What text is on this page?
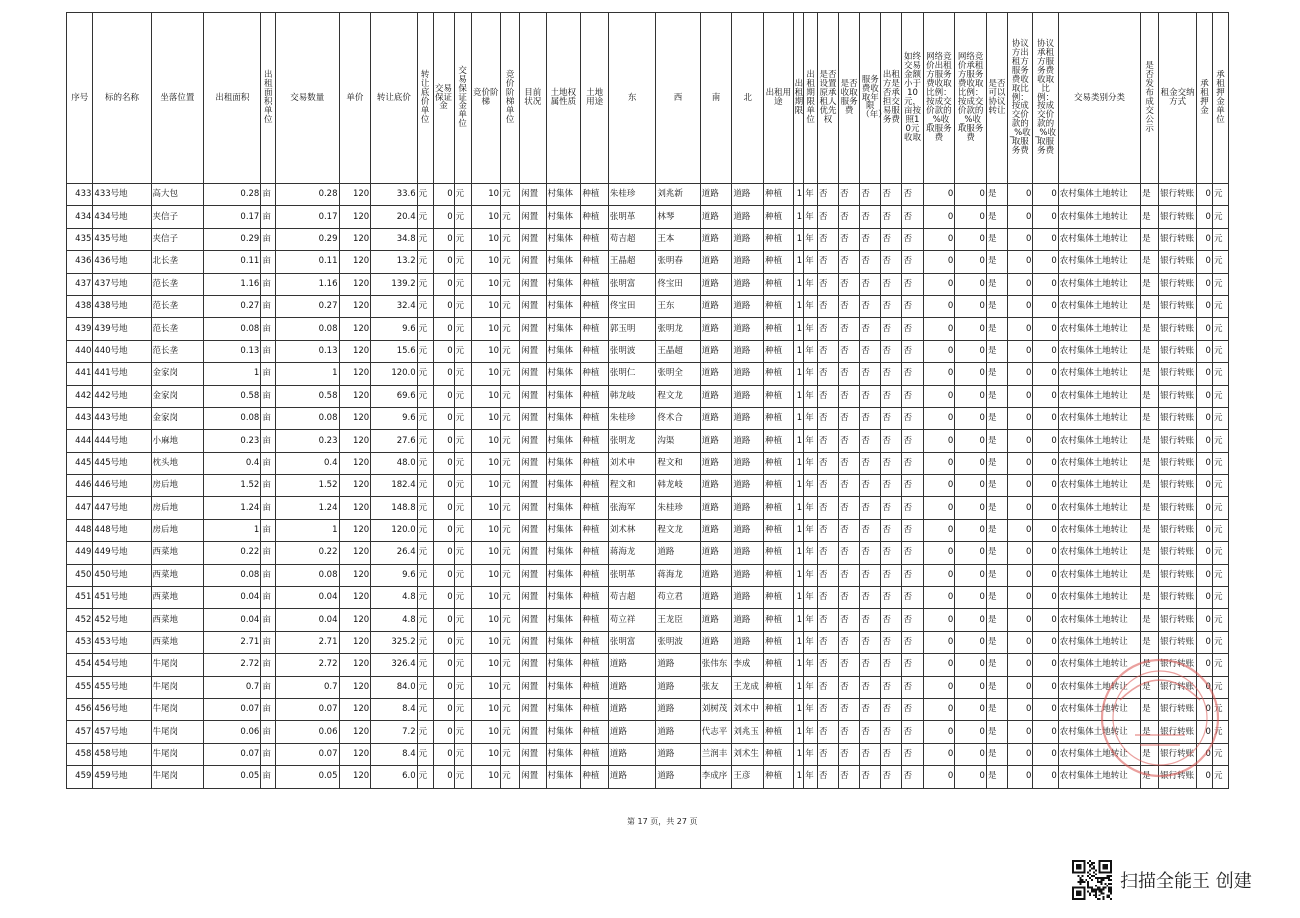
序号	标的名称	坐落位置	出租面积	出租面积单位	交易数量	单价	转让底价	转让底价单位	交易保证金	交易保证金单位	竞价阶梯	竞价阶梯单位	目前状况	土地权属性质	土地用途	东	西	南	北	出租用途	出租期限	出租期限单位	是否设置原承租人优先权	是否收取服务费	服务费收取年限（年）	出租方是否承担交易服务费	如终交易金额小于10元，亩按照10元收取	网络竞价出租方服务费收取比例：按成交价款的_%收取服务费	网络竞价承租方服务费收取比例：按成交价款的_%收取服务费	是否可以协议转让	协议方出租方服务费收取比例：按成交价款的_%收取服务费	协议承租方服务费收取比例：按成交价款的_%收取服务费	交易类别分类	是否发布成交公示	租金交纳方式	承租押金	承租押金单位
433	433号地	高大包	0.28	亩	0.28	120	33.6	元	0	元	10	元	闲置	村集体	种植	朱桂珍	刘兆新	道路	道路	种植	1	年	否	否	否	否	否	0	0	是	0	0	农村集体土地转让	是	银行转账	0	元
434	434号地	夹信子	0.17	亩	0.17	120	20.4	元	0	元	10	元	闲置	村集体	种植	张明革	林琴	道路	道路	种植	1	年	否	否	否	否	否	0	0	是	0	0	农村集体土地转让	是	银行转账	0	元
435	435号地	夹信子	0.29	亩	0.29	120	34.8	元	0	元	10	元	闲置	村集体	种植	苟吉超	王本	道路	道路	种植	1	年	否	否	否	否	否	0	0	是	0	0	农村集体土地转让	是	银行转账	0	元
436	436号地	北长垄	0.11	亩	0.11	120	13.2	元	0	元	10	元	闲置	村集体	种植	王晶超	张明春	道路	道路	种植	1	年	否	否	否	否	否	0	0	是	0	0	农村集体土地转让	是	银行转账	0	元
437	437号地	范长垄	1.16	亩	1.16	120	139.2	元	0	元	10	元	闲置	村集体	种植	张明富	佟宝田	道路	道路	种植	1	年	否	否	否	否	否	0	0	是	0	0	农村集体土地转让	是	银行转账	0	元
438	438号地	范长垄	0.27	亩	0.27	120	32.4	元	0	元	10	元	闲置	村集体	种植	佟宝田	王东	道路	道路	种植	1	年	否	否	否	否	否	0	0	是	0	0	农村集体土地转让	是	银行转账	0	元
439	439号地	范长垄	0.08	亩	0.08	120	9.6	元	0	元	10	元	闲置	村集体	种植	郭玉明	张明龙	道路	道路	种植	1	年	否	否	否	否	否	0	0	是	0	0	农村集体土地转让	是	银行转账	0	元
440	440号地	范长垄	0.13	亩	0.13	120	15.6	元	0	元	10	元	闲置	村集体	种植	张明波	王晶超	道路	道路	种植	1	年	否	否	否	否	否	0	0	是	0	0	农村集体土地转让	是	银行转账	0	元
441	441号地	金家岗	1	亩	1	120	120.0	元	0	元	10	元	闲置	村集体	种植	张明仁	张明全	道路	道路	种植	1	年	否	否	否	否	否	0	0	是	0	0	农村集体土地转让	是	银行转账	0	元
442	442号地	金家岗	0.58	亩	0.58	120	69.6	元	0	元	10	元	闲置	村集体	种植	韩龙岐	程文龙	道路	道路	种植	1	年	否	否	否	否	否	0	0	是	0	0	农村集体土地转让	是	银行转账	0	元
443	443号地	金家岗	0.08	亩	0.08	120	9.6	元	0	元	10	元	闲置	村集体	种植	朱桂珍	佟术合	道路	道路	种植	1	年	否	否	否	否	否	0	0	是	0	0	农村集体土地转让	是	银行转账	0	元
444	444号地	小麻地	0.23	亩	0.23	120	27.6	元	0	元	10	元	闲置	村集体	种植	张明龙	沟渠	道路	道路	种植	1	年	否	否	否	否	否	0	0	是	0	0	农村集体土地转让	是	银行转账	0	元
445	445号地	枕头地	0.4	亩	0.4	120	48.0	元	0	元	10	元	闲置	村集体	种植	刘术申	程文和	道路	道路	种植	1	年	否	否	否	否	否	0	0	是	0	0	农村集体土地转让	是	银行转账	0	元
446	446号地	房后地	1.52	亩	1.52	120	182.4	元	0	元	10	元	闲置	村集体	种植	程文和	韩龙岐	道路	道路	种植	1	年	否	否	否	否	否	0	0	是	0	0	农村集体土地转让	是	银行转账	0	元
447	447号地	房后地	1.24	亩	1.24	120	148.8	元	0	元	10	元	闲置	村集体	种植	张海军	朱桂珍	道路	道路	种植	1	年	否	否	否	否	否	0	0	是	0	0	农村集体土地转让	是	银行转账	0	元
448	448号地	房后地	1	亩	1	120	120.0	元	0	元	10	元	闲置	村集体	种植	刘术林	程文龙	道路	道路	种植	1	年	否	否	否	否	否	0	0	是	0	0	农村集体土地转让	是	银行转账	0	元
449	449号地	西菜地	0.22	亩	0.22	120	26.4	元	0	元	10	元	闲置	村集体	种植	蒋海龙	道路	道路	道路	种植	1	年	否	否	否	否	否	0	0	是	0	0	农村集体土地转让	是	银行转账	0	元
450	450号地	西菜地	0.08	亩	0.08	120	9.6	元	0	元	10	元	闲置	村集体	种植	张明革	蒋海龙	道路	道路	种植	1	年	否	否	否	否	否	0	0	是	0	0	农村集体土地转让	是	银行转账	0	元
451	451号地	西菜地	0.04	亩	0.04	120	4.8	元	0	元	10	元	闲置	村集体	种植	苟吉超	苟立君	道路	道路	种植	1	年	否	否	否	否	否	0	0	是	0	0	农村集体土地转让	是	银行转账	0	元
452	452号地	西菜地	0.04	亩	0.04	120	4.8	元	0	元	10	元	闲置	村集体	种植	苟立祥	王龙臣	道路	道路	种植	1	年	否	否	否	否	否	0	0	是	0	0	农村集体土地转让	是	银行转账	0	元
453	453号地	西菜地	2.71	亩	2.71	120	325.2	元	0	元	10	元	闲置	村集体	种植	张明富	张明波	道路	道路	种植	1	年	否	否	否	否	否	0	0	是	0	0	农村集体土地转让	是	银行转账	0	元
454	454号地	牛尾岗	2.72	亩	2.72	120	326.4	元	0	元	10	元	闲置	村集体	种植	道路	道路	张伟东	李成	种植	1	年	否	否	否	否	否	0	0	是	0	0	农村集体土地转让	是	银行转账	0	元
455	455号地	牛尾岗	0.7	亩	0.7	120	84.0	元	0	元	10	元	闲置	村集体	种植	道路	道路	张友	王龙成	种植	1	年	否	否	否	否	否	0	0	是	0	0	农村集体土地转让	是	银行转账	0	元
456	456号地	牛尾岗	0.07	亩	0.07	120	8.4	元	0	元	10	元	闲置	村集体	种植	道路	道路	刘树茂	刘术中	种植	1	年	否	否	否	否	否	0	0	是	0	0	农村集体土地转让	是	银行转账	0	元
457	457号地	牛尾岗	0.06	亩	0.06	120	7.2	元	0	元	10	元	闲置	村集体	种植	道路	道路	代志平	刘兆玉	种植	1	年	否	否	否	否	否	0	0	是	0	0	农村集体土地转让	是	银行转账	0	元
458	458号地	牛尾岗	0.07	亩	0.07	120	8.4	元	0	元	10	元	闲置	村集体	种植	道路	道路	兰润丰	刘术生	种植	1	年	否	否	否	否	否	0	0	是	0	0	农村集体土地转让	是	银行转账	0	元
459	459号地	牛尾岗	0.05	亩	0.05	120	6.0	元	0	元	10	元	闲置	村集体	种植	道路	道路	李成序	王彦	种植	1	年	否	否	否	否	否	0	0	是	0	0	农村集体土地转让	是	银行转账	0	元
第 17 页，共 27 页
扫描全能王 创建
